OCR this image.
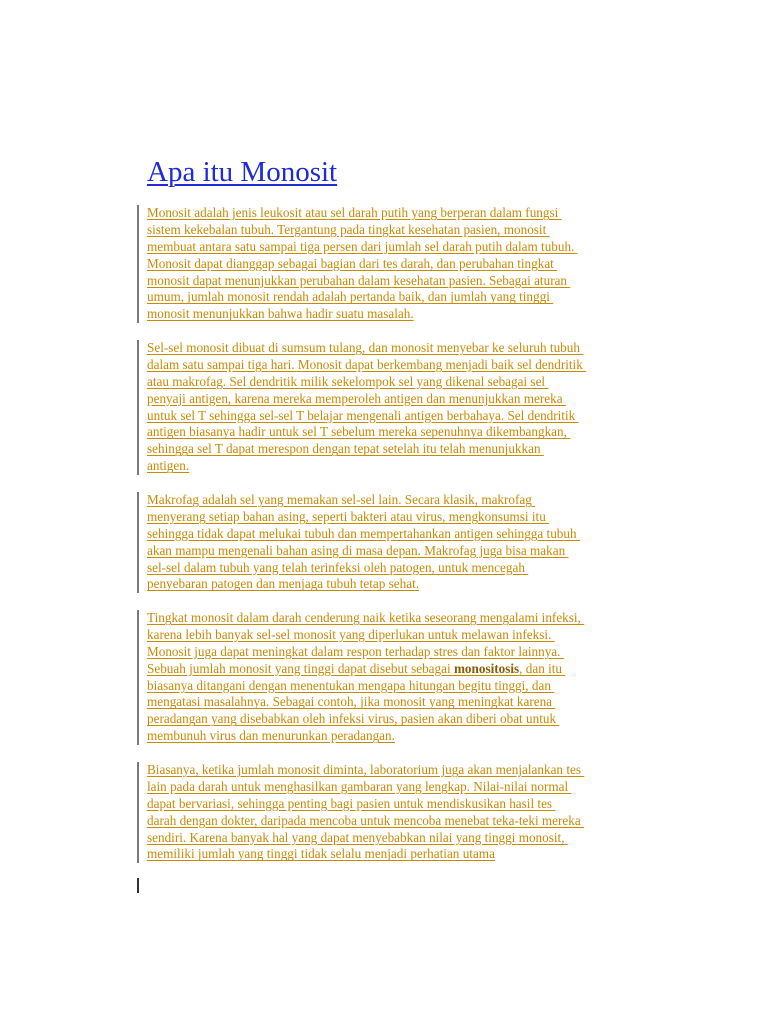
Apa itu Monosit
Monosit adalah jenis leukosit atau sel darah putih yang berperan dalam fungsi
sistem kekebalan tubuh. Tergantung pada tingkat kesehatan pasien, monosit
membuat antara satu sampai tiga persen dari jumlah sel darah putih dalam tubuh.
Monosit dapat dianggap sebagai bagian dari tes darah, dan perubahan tingkat
monosit dapat menunjukkan perubahan dalam kesehatan pasien. Sebagai aturan
umum, jumlah monosit rendah adalah pertanda baik, dan jumlah yang tinggi
monosit menunjukkan bahwa hadir suatu masalah.
Sel-sel monosit dibuat di sumsum tulang, dan monosit menyebar ke seluruh tubuh
dalam satu sampai tiga hari. Monosit dapat berkembang menjadi baik sel dendritik
atau makrofag. Sel dendritik milik sekelompok sel yang dikenal sebagai sel
penyaji antigen, karena mereka memperoleh antigen dan menunjukkan mereka
untuk sel T sehingga sel-sel T belajar mengenali antigen berbahaya. Sel dendritik
antigen biasanya hadir untuk sel T sebelum mereka sepenuhnya dikembangkan,
sehingga sel T dapat merespon dengan tepat setelah itu telah menunjukkan
antigen.
Makrofag adalah sel yang memakan sel-sel lain. Secara klasik, makrofag
menyerang setiap bahan asing, seperti bakteri atau virus, mengkonsumsi itu
sehingga tidak dapat melukai tubuh dan mempertahankan antigen sehingga tubuh
akan mampu mengenali bahan asing di masa depan. Makrofag juga bisa makan
sel-sel dalam tubuh yang telah terinfeksi oleh patogen, untuk mencegah
penyebaran patogen dan menjaga tubuh tetap sehat.
Tingkat monosit dalam darah cenderung naik ketika seseorang mengalami infeksi,
karena lebih banyak sel-sel monosit yang diperlukan untuk melawan infeksi.
Monosit juga dapat meningkat dalam respon terhadap stres dan faktor lainnya.
Sebuah jumlah monosit yang tinggi dapat disebut sebagai monositosis, dan itu
biasanya ditangani dengan menentukan mengapa hitungan begitu tinggi, dan
mengatasi masalahnya. Sebagai contoh, jika monosit yang meningkat karena
peradangan yang disebabkan oleh infeksi virus, pasien akan diberi obat untuk
membunuh virus dan menurunkan peradangan.
Biasanya, ketika jumlah monosit diminta, laboratorium juga akan menjalankan tes
lain pada darah untuk menghasilkan gambaran yang lengkap. Nilai-nilai normal
dapat bervariasi, sehingga penting bagi pasien untuk mendiskusikan hasil tes
darah dengan dokter, daripada mencoba untuk mencoba menebat teka-teki mereka
sendiri. Karena banyak hal yang dapat menyebabkan nilai yang tinggi monosit,
memiliki jumlah yang tinggi tidak selalu menjadi perhatian utama
